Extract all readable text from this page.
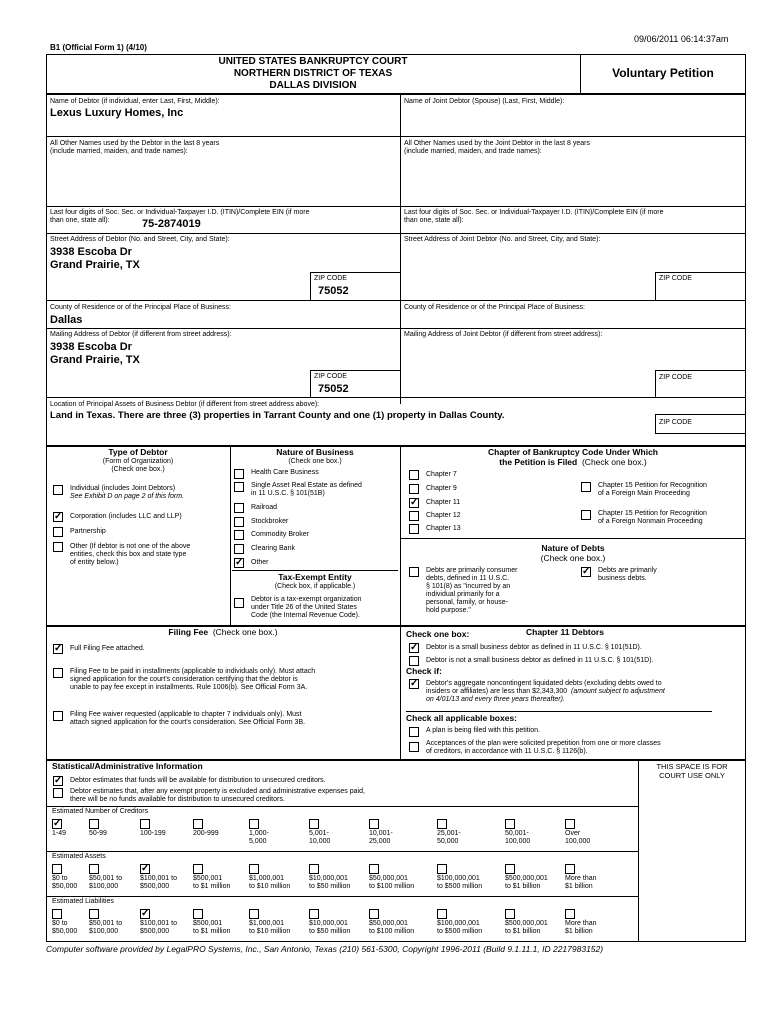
09/06/2011 06:14:37am
B1 (Official Form 1) (4/10)
UNITED STATES BANKRUPTCY COURT
NORTHERN DISTRICT OF TEXAS
DALLAS DIVISION
Voluntary Petition
Name of Debtor (if individual, enter Last, First, Middle):
Lexus Luxury Homes, Inc
Name of Joint Debtor (Spouse) (Last, First, Middle):
All Other Names used by the Debtor in the last 8 years
(include married, maiden, and trade names):
All Other Names used by the Joint Debtor in the last 8 years
(include married, maiden, and trade names):
Last four digits of Soc. Sec. or Individual-Taxpayer I.D. (ITIN)/Complete EIN (if more
than one, state all):	75-2874019
Last four digits of Soc. Sec. or Individual-Taxpayer I.D. (ITIN)/Complete EIN (if more
than one, state all):
Street Address of Debtor (No. and Street, City, and State):
3938 Escoba Dr
Grand Prairie, TX
ZIP CODE
75052
Street Address of Joint Debtor (No. and Street, City, and State):
ZIP CODE
County of Residence or of the Principal Place of Business:
Dallas
County of Residence or of the Principal Place of Business:
Mailing Address of Debtor (if different from street address):
3938 Escoba Dr
Grand Prairie, TX
ZIP CODE
75052
Mailing Address of Joint Debtor (if different from street address):
ZIP CODE
Location of Principal Assets of Business Debtor (if different from street address above):
Land in Texas. There are three (3) properties in Tarrant County and one (1) property in Dallas County.
ZIP CODE
Type of Debtor
(Form of Organization)
(Check one box.)
Individual (includes Joint Debtors)
See Exhibit D on page 2 of this form.
✓ Corporation (includes LLC and LLP)
Partnership
Other (If debtor is not one of the above
entities, check this box and state type
of entity below.)
Nature of Business
(Check one box.)
Health Care Business
Single Asset Real Estate as defined
in 11 U.S.C. § 101(51B)
Railroad
Stockbroker
Commodity Broker
Clearing Bank
✓ Other
Tax-Exempt Entity
(Check box, if applicable.)
Debtor is a tax-exempt organization
under Title 26 of the United States
Code (the Internal Revenue Code).
Chapter of Bankruptcy Code Under Which
the Petition is Filed (Check one box.)
Chapter 7
Chapter 9
✓ Chapter 11
Chapter 12
Chapter 13
Chapter 15 Petition for Recognition
of a Foreign Main Proceeding
Chapter 15 Petition for Recognition
of a Foreign Nonmain Proceeding
Nature of Debts
(Check one box.)
Debts are primarily consumer
debts, defined in 11 U.S.C.
§ 101(8) as "incurred by an
individual primarily for a
personal, family, or house-
hold purpose."
✓ Debts are primarily
business debts.
Filing Fee (Check one box.)
✓ Full Filing Fee attached.
Filing Fee to be paid in installments (applicable to individuals only). Must attach
signed application for the court's consideration certifying that the debtor is
unable to pay fee except in installments. Rule 1006(b). See Official Form 3A.
Filing Fee waiver requested (applicable to chapter 7 individuals only). Must
attach signed application for the court's consideration. See Official Form 3B.
Check one box:	Chapter 11 Debtors
✓ Debtor is a small business debtor as defined in 11 U.S.C. § 101(51D).
Debtor is not a small business debtor as defined in 11 U.S.C. § 101(51D).
Check if:
✓ Debtor's aggregate noncontingent liquidated debts (excluding debts owed to
insiders or affiliates) are less than $2,343,300 (amount subject to adjustment
on 4/01/13 and every three years thereafter).
Check all applicable boxes:
A plan is being filed with this petition.
Acceptances of the plan were solicited prepetition from one or more classes
of creditors, in accordance with 11 U.S.C. § 1126(b).
Statistical/Administrative Information	THIS SPACE IS FOR
COURT USE ONLY
✓ Debtor estimates that funds will be available for distribution to unsecured creditors.
Debtor estimates that, after any exempt property is excluded and administrative expenses paid,
there will be no funds available for distribution to unsecured creditors.
Estimated Number of Creditors
Estimated Assets
Estimated Liabilities
Computer software provided by LegalPRO Systems, Inc., San Antonio, Texas (210) 561-5300, Copyright 1996-2011 (Build 9.1.11.1, ID 2217983152)
✓
1-49	50-99	100-199	200-999	1,000-
5,000
5,001-
10,000
10,001-
25,000
25,001-
50,000
50,001-
100,000
Over
100,000
$0 to
$50,000
$50,001 to
$100,000
✓
$100,001 to
$500,000
$500,001
to $1 million
$1,000,001
to $10 million
$10,000,001
to $50 million
$50,000,001
to $100 million
$100,000,001
to $500 million
$500,000,001
to $1 billion
More than
$1 billion
$0 to
$50,000
$50,001 to
$100,000
✓
$100,001 to
$500,000
$500,001
to $1 million
$1,000,001
to $10 million
$10,000,001
to $50 million
$50,000,001
to $100 million
$100,000,001
to $500 million
$500,000,001
to $1 billion
More than
$1 billion
